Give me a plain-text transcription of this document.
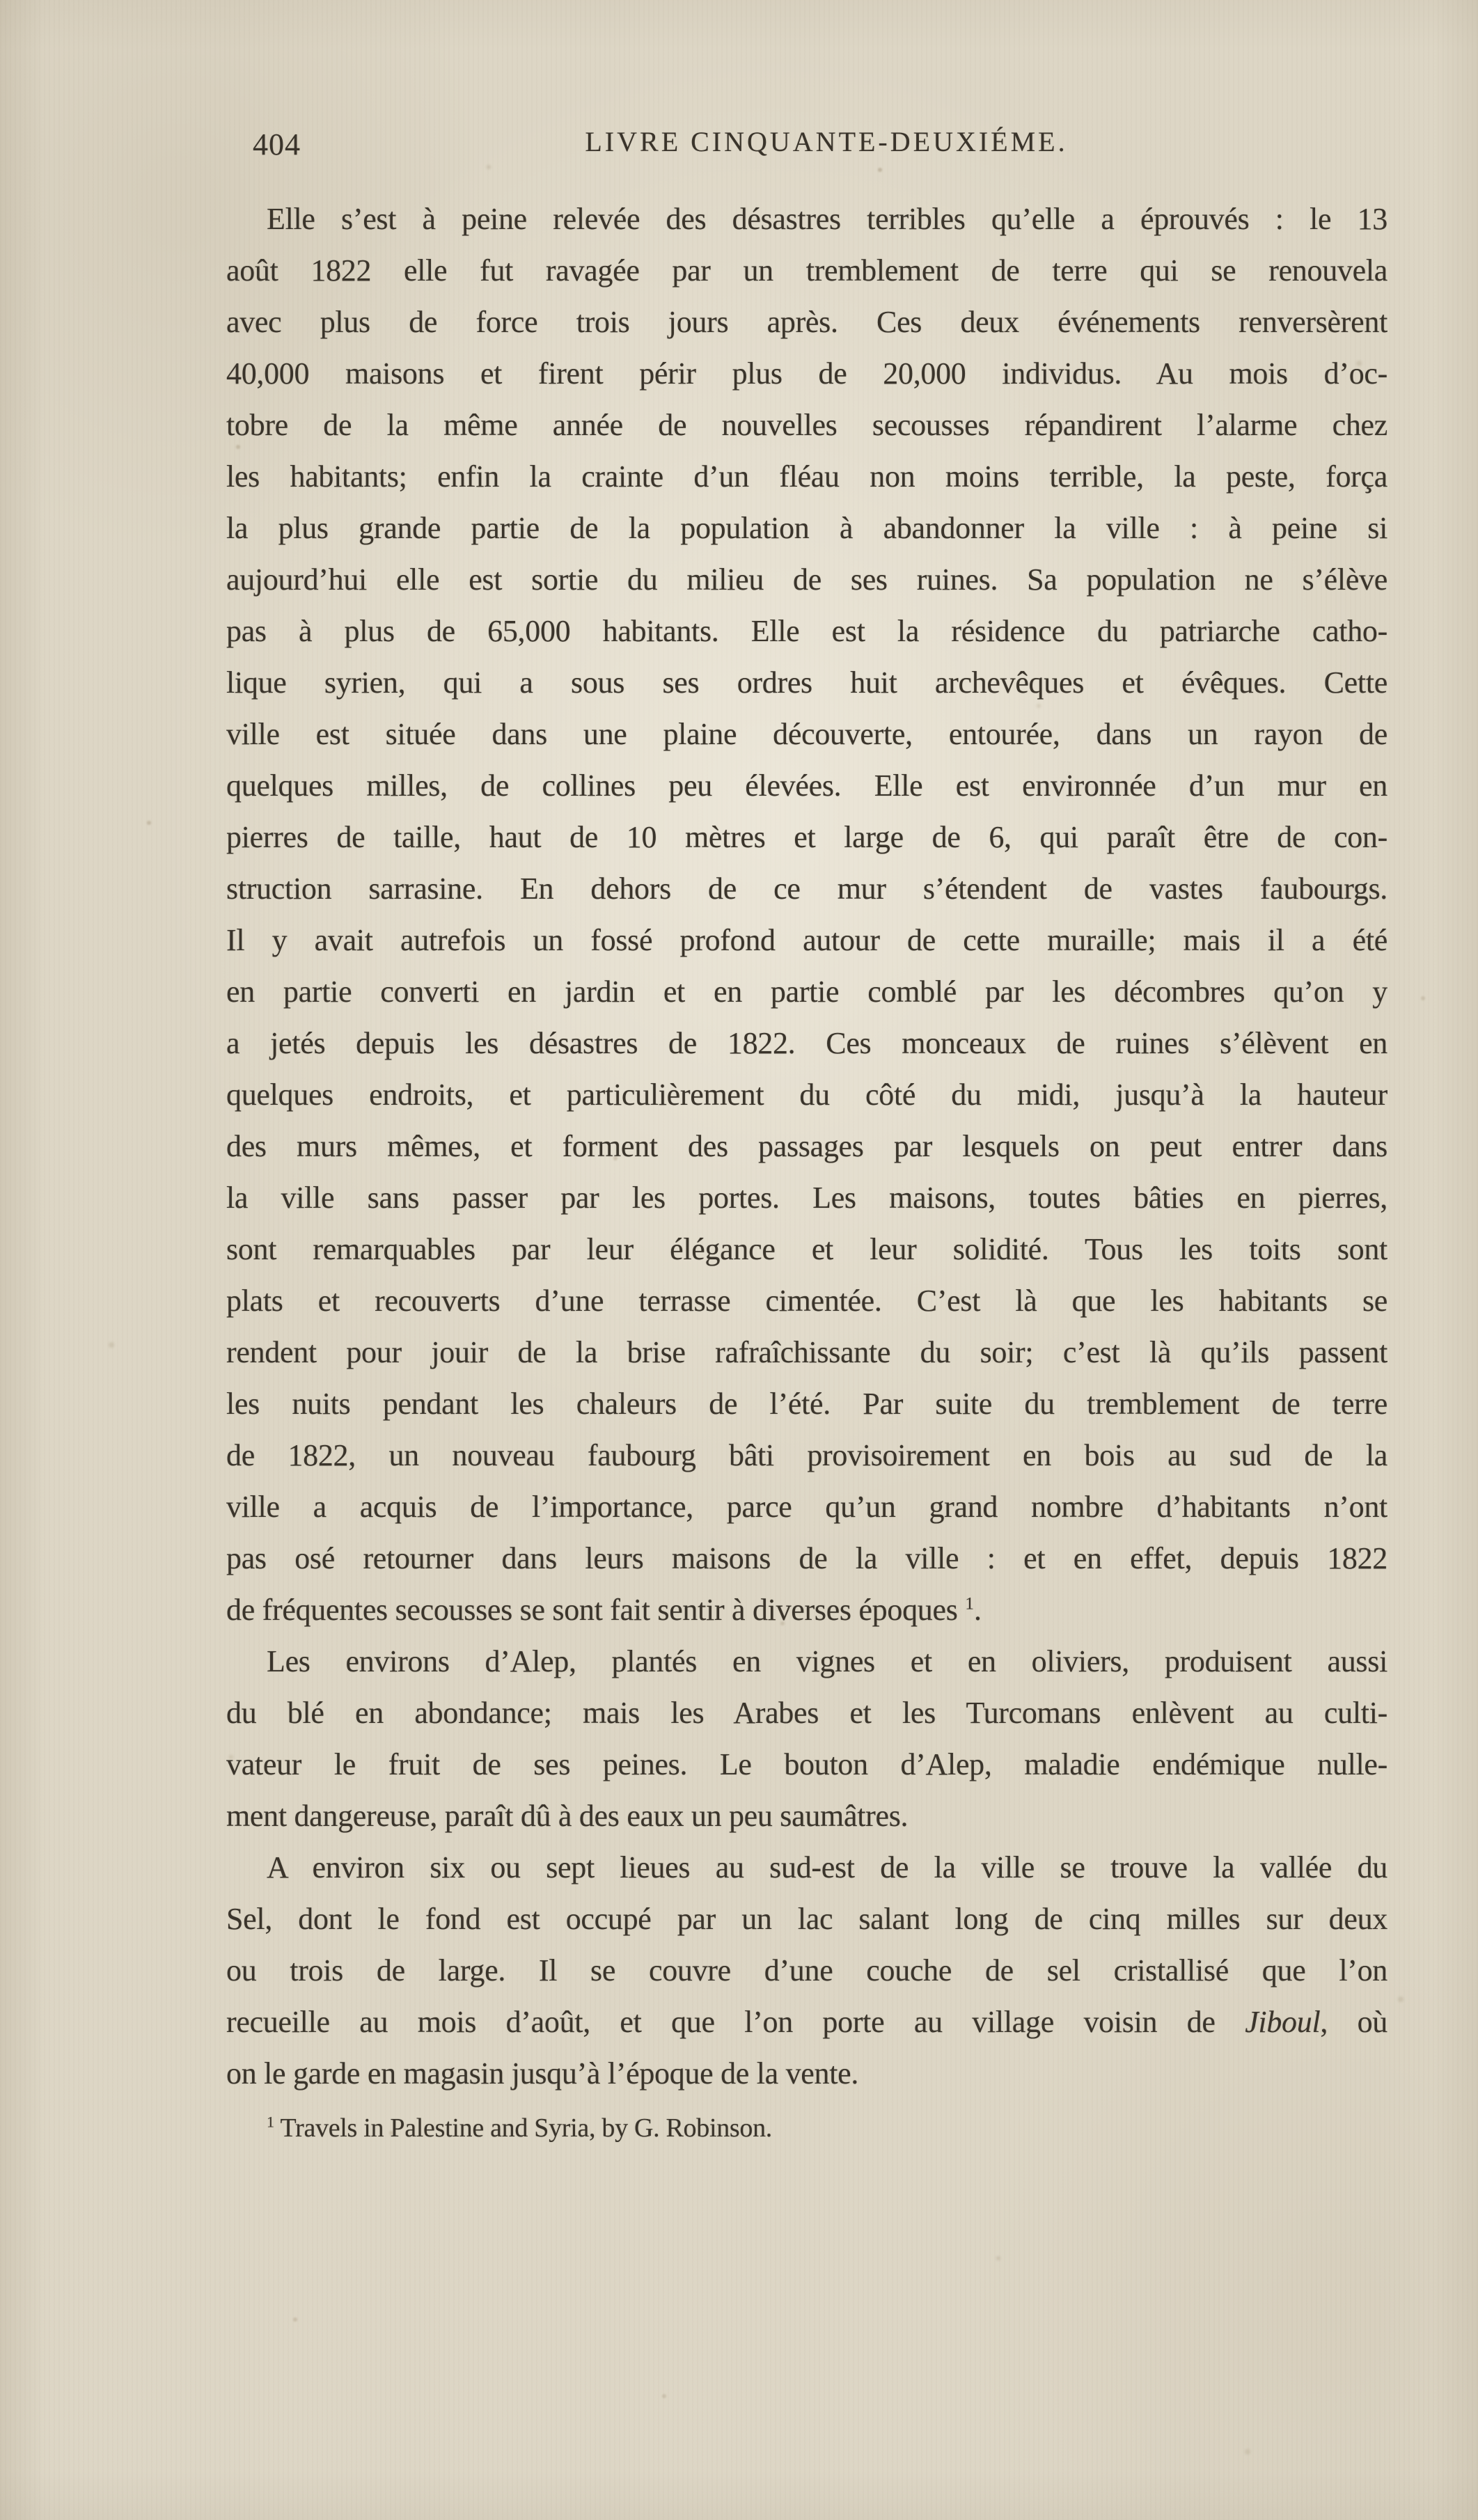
404	LIVRE CINQUANTE-DEUXIÉME.
Elle s’est à peine relevée des désastres terribles qu’elle a éprouvés : le 13
août 1822 elle fut ravagée par un tremblement de terre qui se renouvela
avec plus de force trois jours après. Ces deux événements renversèrent
40,000 maisons et firent périr plus de 20,000 individus. Au mois d’oc-
tobre de la même année de nouvelles secousses répandirent l’alarme chez
les habitants; enfin la crainte d’un fléau non moins terrible, la peste, força
la plus grande partie de la population à abandonner la ville : à peine si
aujourd’hui elle est sortie du milieu de ses ruines. Sa population ne s’élève
pas à plus de 65,000 habitants. Elle est la résidence du patriarche catho-
lique syrien, qui a sous ses ordres huit archevêques et évêques. Cette
ville est située dans une plaine découverte, entourée, dans un rayon de
quelques milles, de collines peu élevées. Elle est environnée d’un mur en
pierres de taille, haut de 10 mètres et large de 6, qui paraît être de con-
struction sarrasine. En dehors de ce mur s’étendent de vastes faubourgs.
Il y avait autrefois un fossé profond autour de cette muraille; mais il a été
en partie converti en jardin et en partie comblé par les décombres qu’on y
a jetés depuis les désastres de 1822. Ces monceaux de ruines s’élèvent en
quelques endroits, et particulièrement du côté du midi, jusqu’à la hauteur
des murs mêmes, et forment des passages par lesquels on peut entrer dans
la ville sans passer par les portes. Les maisons, toutes bâties en pierres,
sont remarquables par leur élégance et leur solidité. Tous les toits sont
plats et recouverts d’une terrasse cimentée. C’est là que les habitants se
rendent pour jouir de la brise rafraîchissante du soir; c’est là qu’ils passent
les nuits pendant les chaleurs de l’été. Par suite du tremblement de terre
de 1822, un nouveau faubourg bâti provisoirement en bois au sud de la
ville a acquis de l’importance, parce qu’un grand nombre d’habitants n’ont
pas osé retourner dans leurs maisons de la ville : et en effet, depuis 1822
de fréquentes secousses se sont fait sentir à diverses époques $^1$.
Les environs d’Alep, plantés en vignes et en oliviers, produisent aussi
du blé en abondance; mais les Arabes et les Turcomans enlèvent au culti-
vateur le fruit de ses peines. Le bouton d’Alep, maladie endémique nulle-
ment dangereuse, paraît dû à des eaux un peu saumâtres.
A environ six ou sept lieues au sud-est de la ville se trouve la vallée du
Sel, dont le fond est occupé par un lac salant long de cinq milles sur deux
ou trois de large. Il se couvre d’une couche de sel cristallisé que l’on
recueille au mois d’août, et que l’on porte au village voisin de Jiboul, où
on le garde en magasin jusqu’à l’époque de la vente.
$^1$ Travels in Palestine and Syria, by G. Robinson.
